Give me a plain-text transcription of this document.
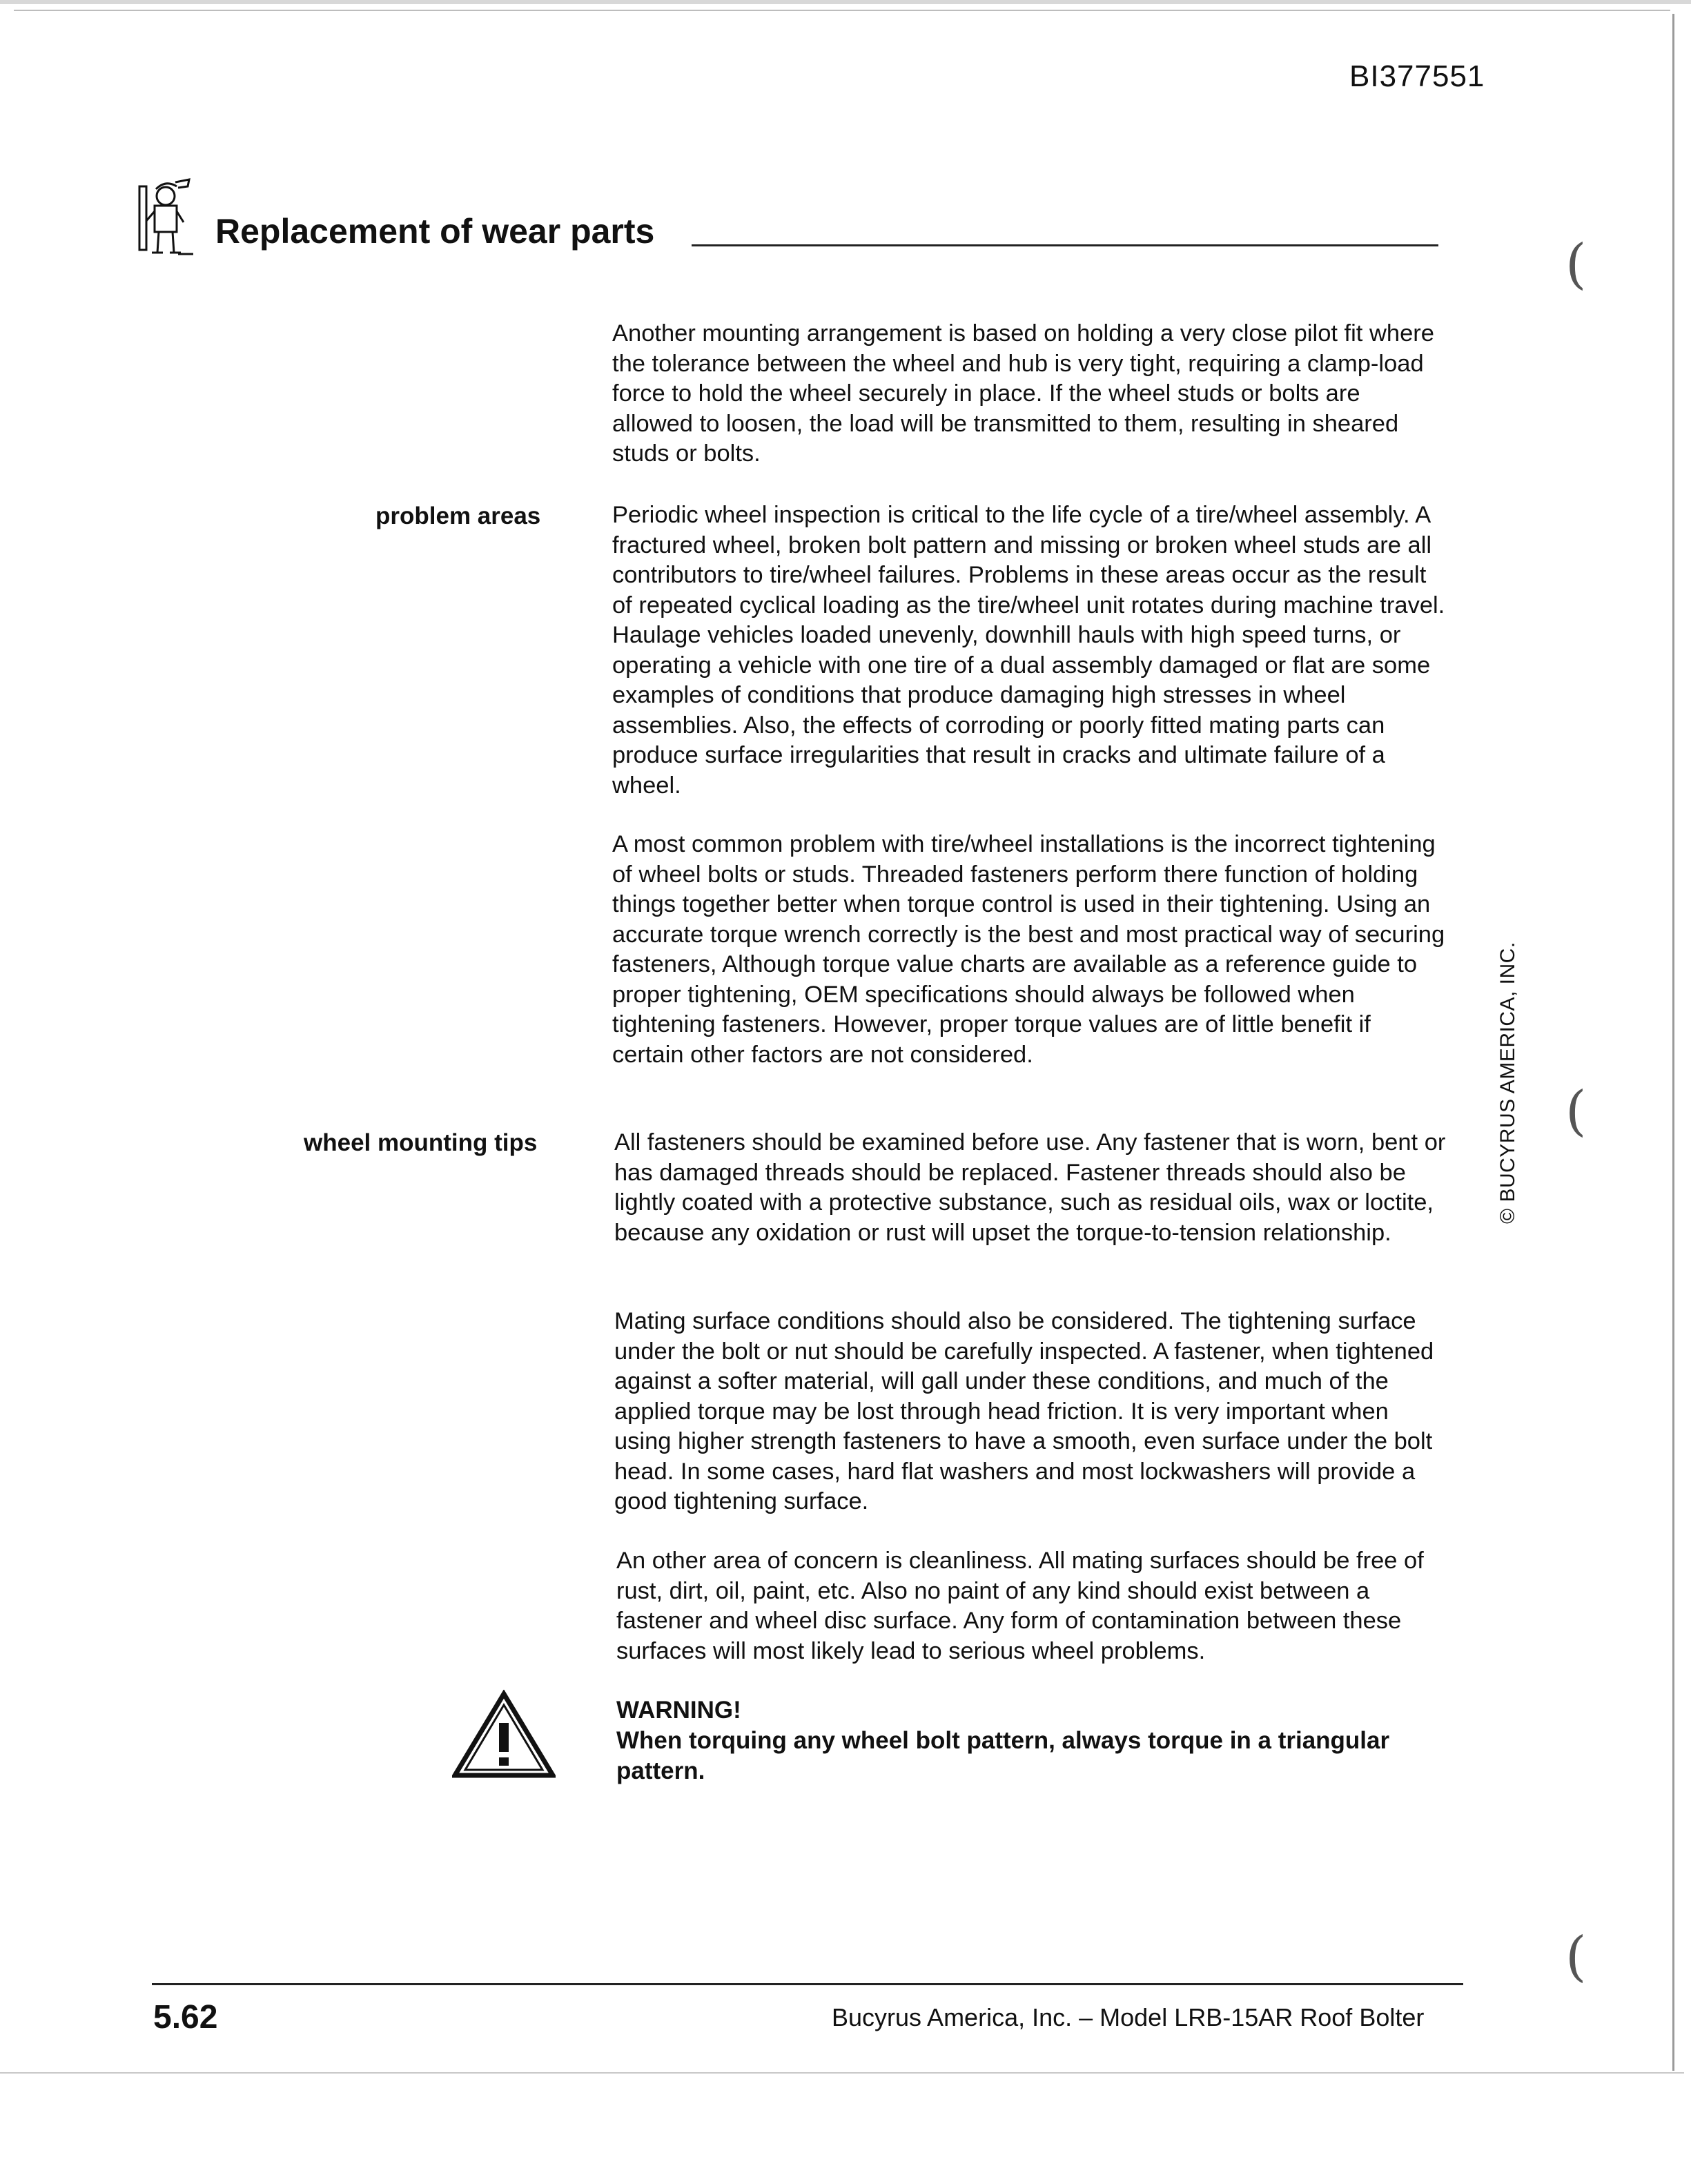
BI377551
Replacement of wear parts

Another mounting arrangement is based on holding a very close pilot fit where the tolerance between the wheel and hub is very tight, requiring a clamp-load force to hold the wheel securely in place. If the wheel studs or bolts are allowed to loosen, the load will be transmitted to them, resulting in sheared studs or bolts.

problem areas	Periodic wheel inspection is critical to the life cycle of a tire/wheel assembly. A fractured wheel, broken bolt pattern and missing or broken wheel studs are all contributors to tire/wheel failures. Problems in these areas occur as the result of repeated cyclical loading as the tire/wheel unit rotates during machine travel. Haulage vehicles loaded unevenly, downhill hauls with high speed turns, or operating a vehicle with one tire of a dual assembly damaged or flat are some examples of conditions that produce damaging high stresses in wheel assemblies. Also, the effects of corroding or poorly fitted mating parts can produce surface irregularities that result in cracks and ultimate failure of a wheel.

A most common problem with tire/wheel installations is the incorrect tightening of wheel bolts or studs. Threaded fasteners perform there function of holding things together better when torque control is used in their tightening. Using an accurate torque wrench correctly is the best and most practical way of securing fasteners, Although torque value charts are available as a reference guide to proper tightening, OEM specifications should always be followed when tightening fasteners. However, proper torque values are of little benefit if certain other factors are not considered.

wheel mounting tips	All fasteners should be examined before use. Any fastener that is worn, bent or has damaged threads should be replaced. Fastener threads should also be lightly coated with a protective substance, such as residual oils, wax or loctite, because any oxidation or rust will upset the torque-to-tension relationship.

Mating surface conditions should also be considered. The tightening surface under the bolt or nut should be carefully inspected. A fastener, when tightened against a softer material, will gall under these conditions, and much of the applied torque may be lost through head friction. It is very important when using higher strength fasteners to have a smooth, even surface under the bolt head. In some cases, hard flat washers and most lockwashers will provide a good tightening surface.

An other area of concern is cleanliness. All mating surfaces should be free of rust, dirt, oil, paint, etc. Also no paint of any kind should exist between a fastener and wheel disc surface. Any form of contamination between these surfaces will most likely lead to serious wheel problems.

WARNING!

When torquing any wheel bolt pattern, always torque in a triangular pattern.

© BUCYRUS AMERICA, INC.
(
(
(
5.62	Bucyrus America, Inc. – Model LRB-15AR Roof Bolter
